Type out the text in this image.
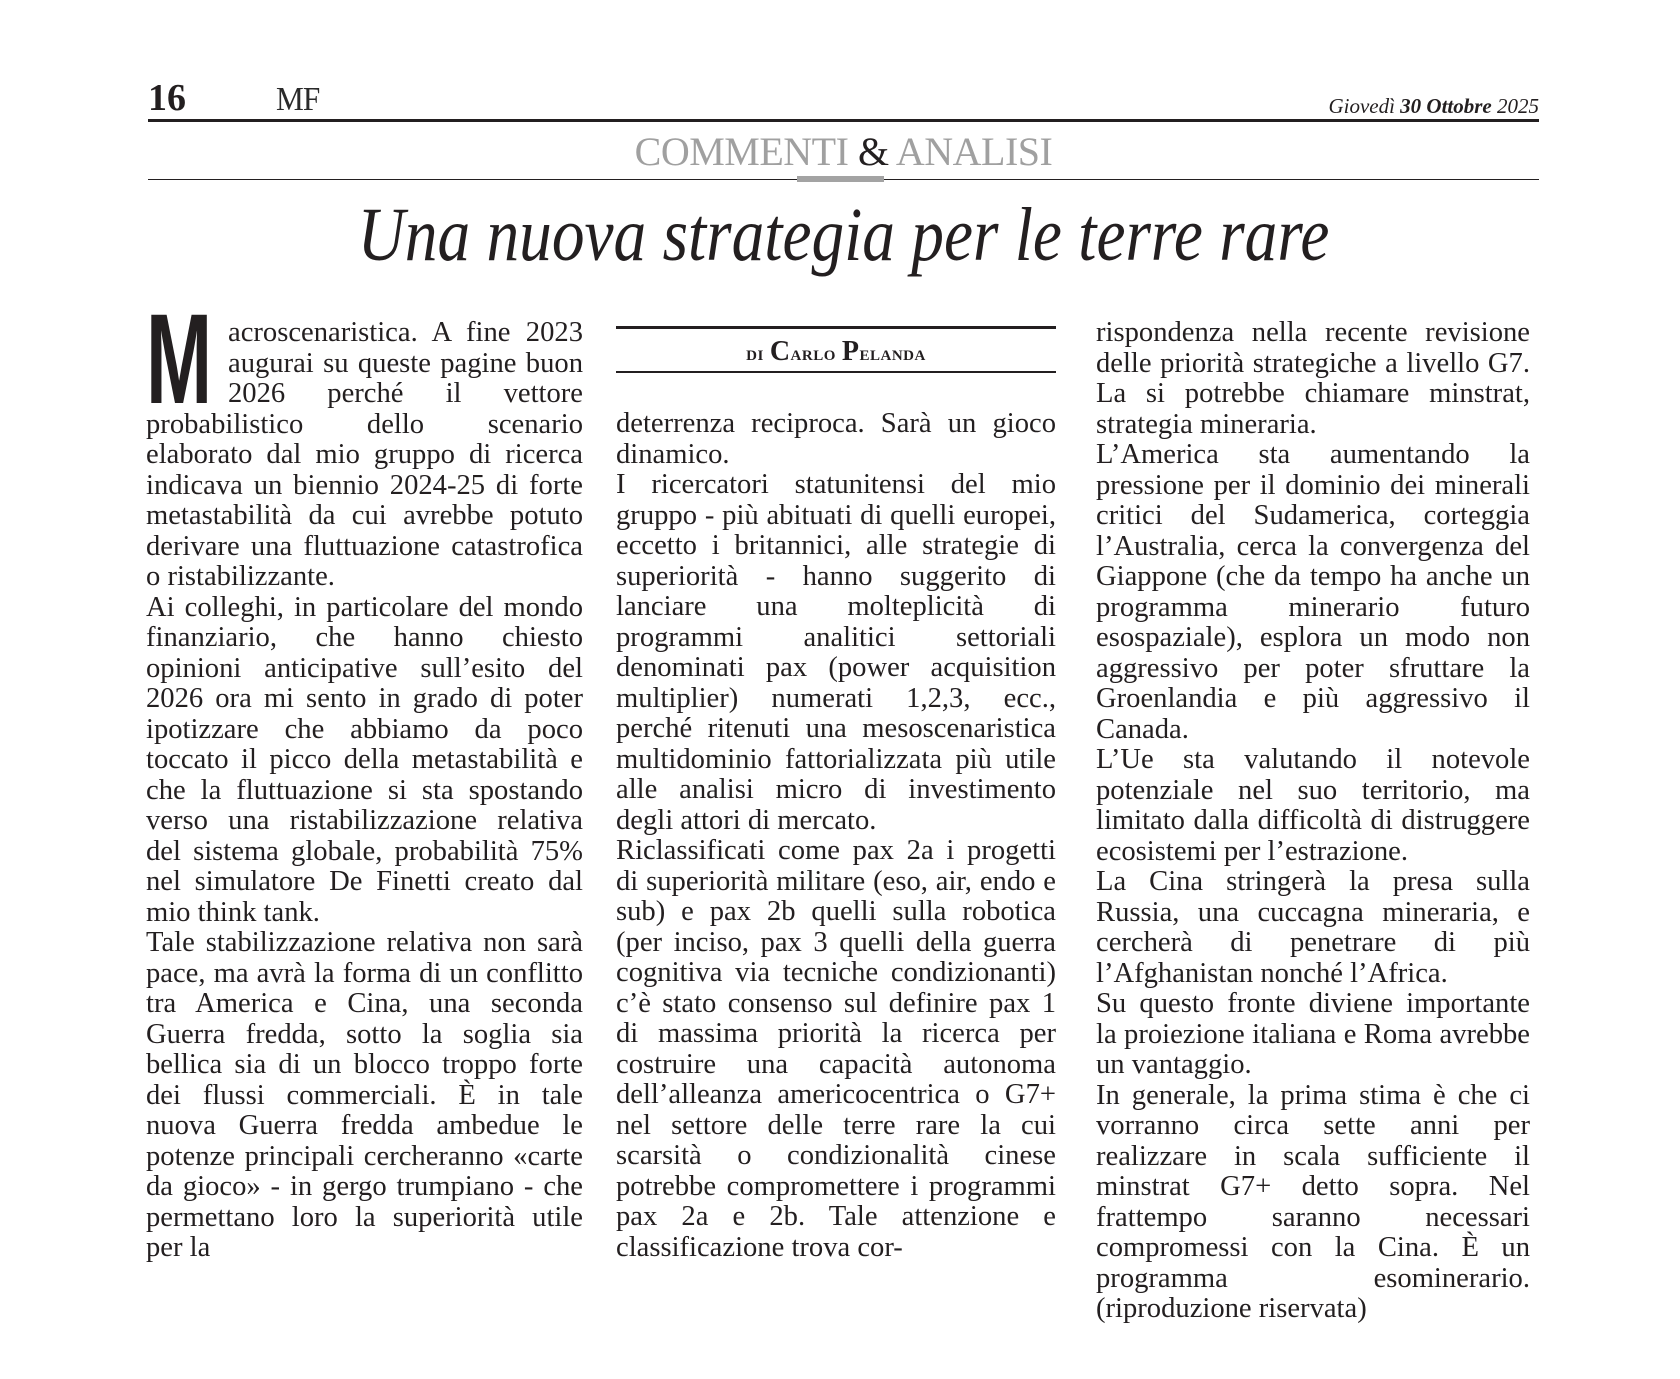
16	MF	Giovedì 30 Ottobre 2025
COMMENTI & ANALISI
Una nuova strategia per le terre rare
di Carlo Pelanda
M acroscenaristica. A fine 2023 augurai su queste pagine buon 2026 perché il vettore probabilistico dello scenario elaborato dal mio gruppo di ricerca indicava un biennio 2024-25 di forte metastabilità da cui avrebbe potuto derivare una fluttuazione catastrofica o ristabilizzante.

Ai colleghi, in particolare del mondo finanziario, che hanno chiesto opinioni anticipative sull’esito del 2026 ora mi sento in grado di poter ipotizzare che abbiamo da poco toccato il picco della metastabilità e che la fluttuazione si sta spostando verso una ristabilizzazione relativa del sistema globale, probabilità 75% nel simulatore De Finetti creato dal mio think tank.

Tale stabilizzazione relativa non sarà pace, ma avrà la forma di un conflitto tra America e Cina, una seconda Guerra fredda, sotto la soglia sia bellica sia di un blocco troppo forte dei flussi commerciali. È in tale nuova Guerra fredda ambedue le potenze principali cercheranno «carte da gioco» - in gergo trumpiano - che permettano loro la superiorità utile per la

deterrenza reciproca. Sarà un gioco dinamico.

I ricercatori statunitensi del mio gruppo - più abituati di quelli europei, eccetto i britannici, alle strategie di superiorità - hanno suggerito di lanciare una molteplicità di programmi analitici settoriali denominati pax (power acquisition multiplier) numerati 1,2,3, ecc., perché ritenuti una mesoscenaristica multidominio fattorializzata più utile alle analisi micro di investimento degli attori di mercato.

Riclassificati come pax 2a i progetti di superiorità militare (eso, air, endo e sub) e pax 2b quelli sulla robotica (per inciso, pax 3 quelli della guerra cognitiva via tecniche condizionanti) c’è stato consenso sul definire pax 1 di massima priorità la ricerca per costruire una capacità autonoma dell’alleanza americocentrica o G7+ nel settore delle terre rare la cui scarsità o condizionalità cinese potrebbe compromettere i programmi pax 2a e 2b. Tale attenzione e classificazione trova cor-

rispondenza nella recente revisione delle priorità strategiche a livello G7. La si potrebbe chiamare minstrat, strategia mineraria.

L’America sta aumentando la pressione per il dominio dei minerali critici del Sudamerica, corteggia l’Australia, cerca la convergenza del Giappone (che da tempo ha anche un programma minerario futuro esospaziale), esplora un modo non aggressivo per poter sfruttare la Groenlandia e più aggressivo il Canada.

L’Ue sta valutando il notevole potenziale nel suo territorio, ma limitato dalla difficoltà di distruggere ecosistemi per l’estrazione.

La Cina stringerà la presa sulla Russia, una cuccagna mineraria, e cercherà di penetrare di più l’Afghanistan nonché l’Africa.

Su questo fronte diviene importante la proiezione italiana e Roma avrebbe un vantaggio.

In generale, la prima stima è che ci vorranno circa sette anni per realizzare in scala sufficiente il minstrat G7+ detto sopra. Nel frattempo saranno necessari compromessi con la Cina. È un programma esominerario. (riproduzione riservata)
